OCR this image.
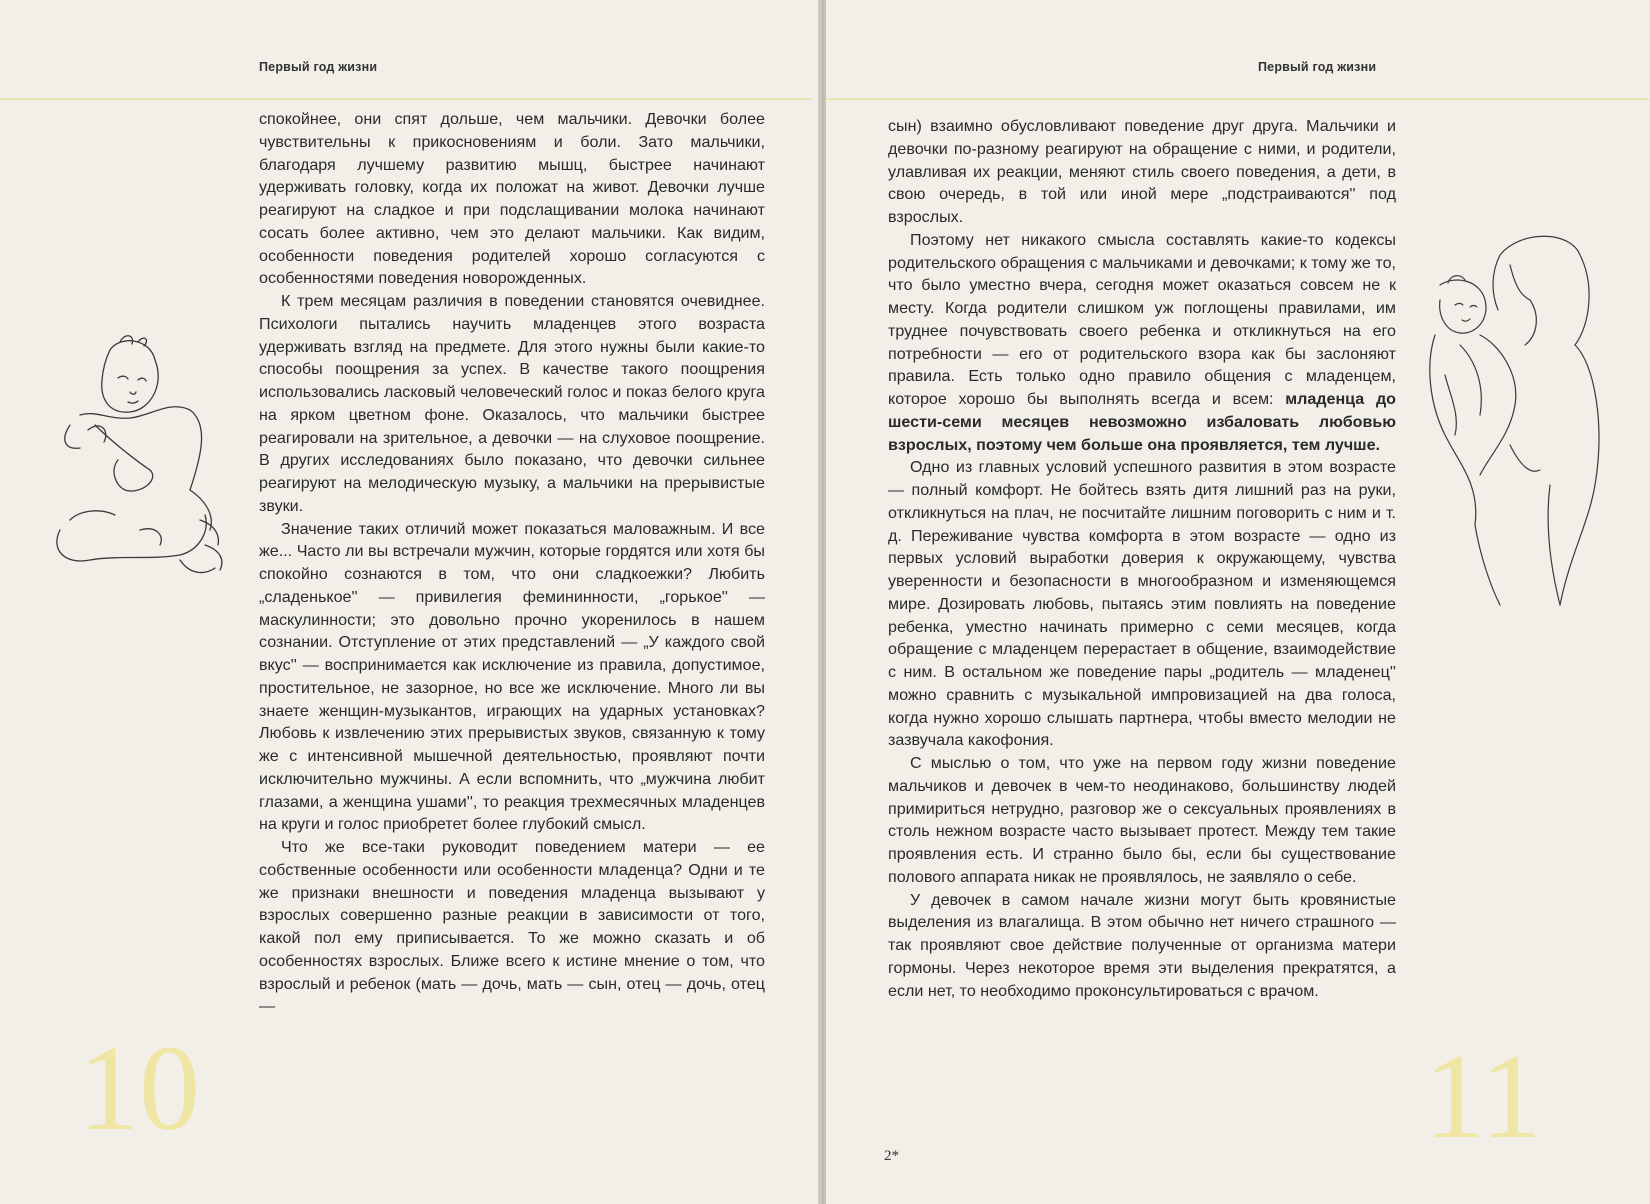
Первый год жизни

спокойнее, они спят дольше, чем мальчики. Девочки более чувствительны к прикосновениям и боли. Зато мальчики, благодаря лучшему развитию мышц, быстрее начинают удерживать головку, когда их положат на живот. Девочки лучше реагируют на сладкое и при подслащивании молока начинают сосать более активно, чем это делают мальчики. Как видим, особенности поведения родителей хорошо согласуются с особенностями поведения новорожденных.

К трем месяцам различия в поведении становятся очевиднее. Психологи пытались научить младенцев этого возраста удерживать взгляд на предмете. Для этого нужны были какие-то способы поощрения за успех. В качестве такого поощрения использовались ласковый человеческий голос и показ белого круга на ярком цветном фоне. Оказалось, что мальчики быстрее реагировали на зрительное, а девочки — на слуховое поощрение. В других исследованиях было показано, что девочки сильнее реагируют на мелодическую музыку, а мальчики на прерывистые звуки.

Значение таких отличий может показаться маловажным. И все же... Часто ли вы встречали мужчин, которые гордятся или хотя бы спокойно сознаются в том, что они сладкоежки? Любить „сладенькое'' — привилегия фемининности, „горькое'' — маскулинности; это довольно прочно укоренилось в нашем сознании. Отступление от этих представлений — „У каждого свой вкус'' — воспринимается как исключение из правила, допустимое, простительное, не зазорное, но все же исключение. Много ли вы знаете женщин-музыкантов, играющих на ударных установках? Любовь к извлечению этих прерывистых звуков, связанную к тому же с интенсивной мышечной деятельностью, проявляют почти исключительно мужчины. А если вспомнить, что „мужчина любит глазами, а женщина ушами'', то реакция трехмесячных младенцев на круги и голос приобретет более глубокий смысл.

Что же все-таки руководит поведением матери — ее собственные особенности или особенности младенца? Одни и те же признаки внешности и поведения младенца вызывают у взрослых совершенно разные реакции в зависимости от того, какой пол ему приписывается. То же можно сказать и об особенностях взрослых. Ближе всего к истине мнение о том, что взрослый и ребенок (мать — дочь, мать — сын, отец — дочь, отец —

10
Первый год жизни

сын) взаимно обусловливают поведение друг друга. Мальчики и девочки по-разному реагируют на обращение с ними, и родители, улавливая их реакции, меняют стиль своего поведения, а дети, в свою очередь, в той или иной мере „подстраиваются'' под взрослых.

Поэтому нет никакого смысла составлять какие-то кодексы родительского обращения с мальчиками и девочками; к тому же то, что было уместно вчера, сегодня может оказаться совсем не к месту. Когда родители слишком уж поглощены правилами, им труднее почувствовать своего ребенка и откликнуться на его потребности — его от родительского взора как бы заслоняют правила. Есть только одно правило общения с младенцем, которое хорошо бы выполнять всегда и всем: младенца до шести-семи месяцев невозможно избаловать любовью взрослых, поэтому чем больше она проявляется, тем лучше.

Одно из главных условий успешного развития в этом возрасте — полный комфорт. Не бойтесь взять дитя лишний раз на руки, откликнуться на плач, не посчитайте лишним поговорить с ним и т. д. Переживание чувства комфорта в этом возрасте — одно из первых условий выработки доверия к окружающему, чувства уверенности и безопасности в многообразном и изменяющемся мире. Дозировать любовь, пытаясь этим повлиять на поведение ребенка, уместно начинать примерно с семи месяцев, когда обращение с младенцем перерастает в общение, взаимодействие с ним. В остальном же поведение пары „родитель — младенец'' можно сравнить с музыкальной импровизацией на два голоса, когда нужно хорошо слышать партнера, чтобы вместо мелодии не зазвучала какофония.

С мыслью о том, что уже на первом году жизни поведение мальчиков и девочек в чем-то неодинаково, большинству людей примириться нетрудно, разговор же о сексуальных проявлениях в столь нежном возрасте часто вызывает протест. Между тем такие проявления есть. И странно было бы, если бы существование полового аппарата никак не проявлялось, не заявляло о себе.

У девочек в самом начале жизни могут быть кровянистые выделения из влагалища. В этом обычно нет ничего страшного — так проявляют свое действие полученные от организма матери гормоны. Через некоторое время эти выделения прекратятся, а если нет, то необходимо проконсультироваться с врачом.

11
2*
